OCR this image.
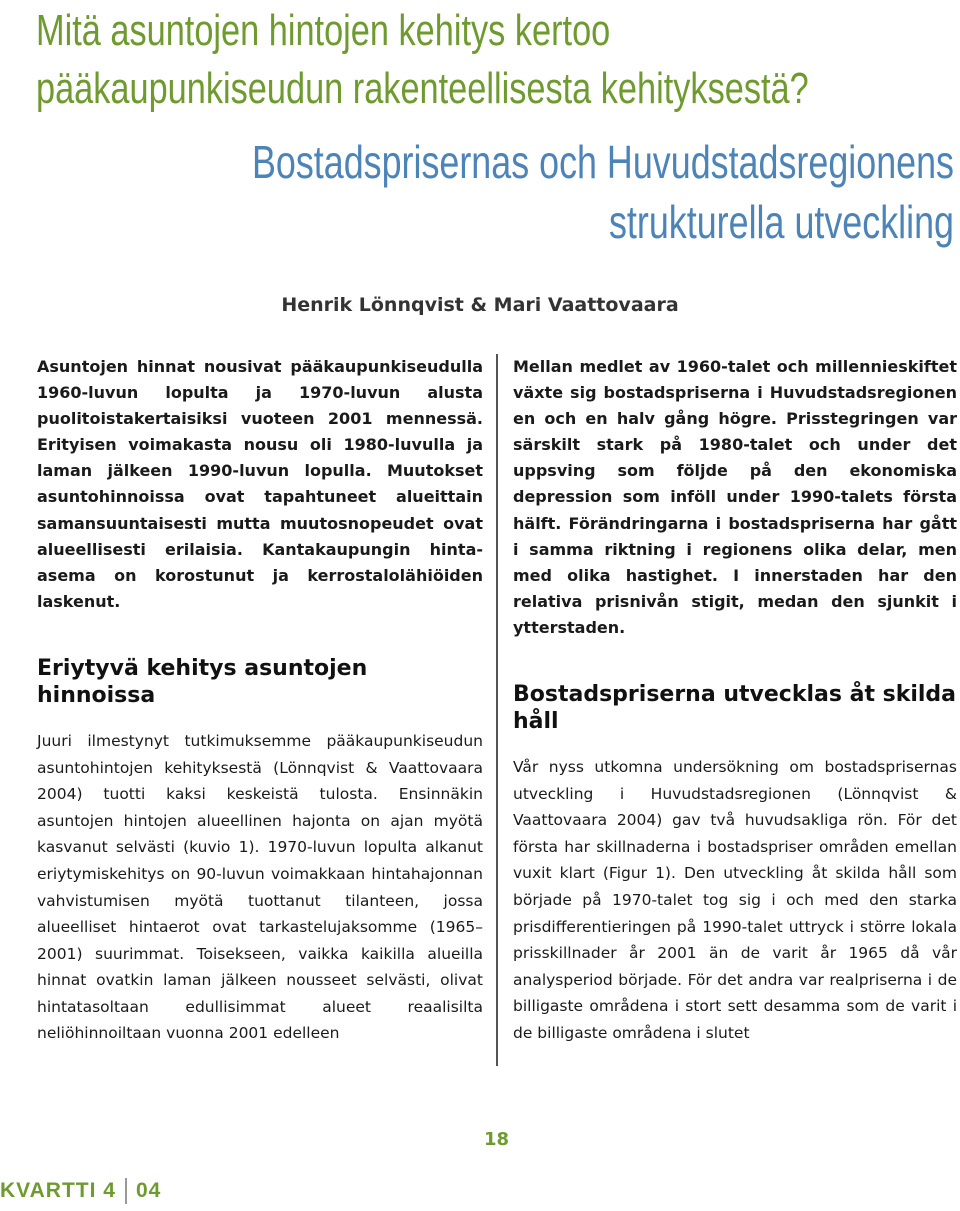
Mitä asuntojen hintojen kehitys kertoo
pääkaupunkiseudun rakenteellisesta kehityksestä?
Bostadsprisernas och Huvudstadsregionens
strukturella utveckling
Henrik Lönnqvist & Mari Vaattovaara

Asuntojen hinnat nousivat pääkaupunkiseudulla 1960-luvun lopulta ja 1970-luvun alusta puolitoistakertaisiksi vuoteen 2001 mennessä. Erityisen voimakasta nousu oli 1980-luvulla ja laman jälkeen 1990-luvun lopulla. Muutokset asuntohinnoissa ovat tapahtuneet alueittain samansuuntaisesti mutta muutosnopeudet ovat alueellisesti erilaisia. Kantakaupungin hinta-asema on korostunut ja kerrostalolähiöiden laskenut.

Eriytyvä kehitys asuntojen hinnoissa

Juuri ilmestynyt tutkimuksemme pääkaupunkiseudun asuntohintojen kehityksestä (Lönnqvist & Vaattovaara 2004) tuotti kaksi keskeistä tulosta. Ensinnäkin asuntojen hintojen alueellinen hajonta on ajan myötä kasvanut selvästi (kuvio 1). 1970-luvun lopulta alkanut eriytymiskehitys on 90-luvun voimakkaan hintahajonnan vahvistumisen myötä tuottanut tilanteen, jossa alueelliset hintaerot ovat tarkastelujaksomme (1965–2001) suurimmat. Toisekseen, vaikka kaikilla alueilla hinnat ovatkin laman jälkeen nousseet selvästi, olivat hintatasoltaan edullisimmat alueet reaalisilta neliöhinnoiltaan vuonna 2001 edelleen

Mellan medlet av 1960-talet och millennieskiftet växte sig bostadspriserna i Huvudstadsregionen en och en halv gång högre. Prisstegringen var särskilt stark på 1980-talet och under det uppsving som följde på den ekonomiska depression som inföll under 1990-talets första hälft. Förändringarna i bostadspriserna har gått i samma riktning i regionens olika delar, men med olika hastighet. I innerstaden har den relativa prisnivån stigit, medan den sjunkit i ytterstaden.

Bostadspriserna utvecklas åt skilda håll

Vår nyss utkomna undersökning om bostadsprisernas utveckling i Huvudstadsregionen (Lönnqvist & Vaattovaara 2004) gav två huvudsakliga rön. För det första har skillnaderna i bostadspriser områden emellan vuxit klart (Figur 1). Den utveckling åt skilda håll som började på 1970-talet tog sig i och med den starka prisdifferentieringen på 1990-talet uttryck i större lokala prisskillnader år 2001 än de varit år 1965 då vår analysperiod började. För det andra var realpriserna i de billigaste områdena i stort sett desamma som de varit i de billigaste områdena i slutet

18
KVARTTI 4 04
